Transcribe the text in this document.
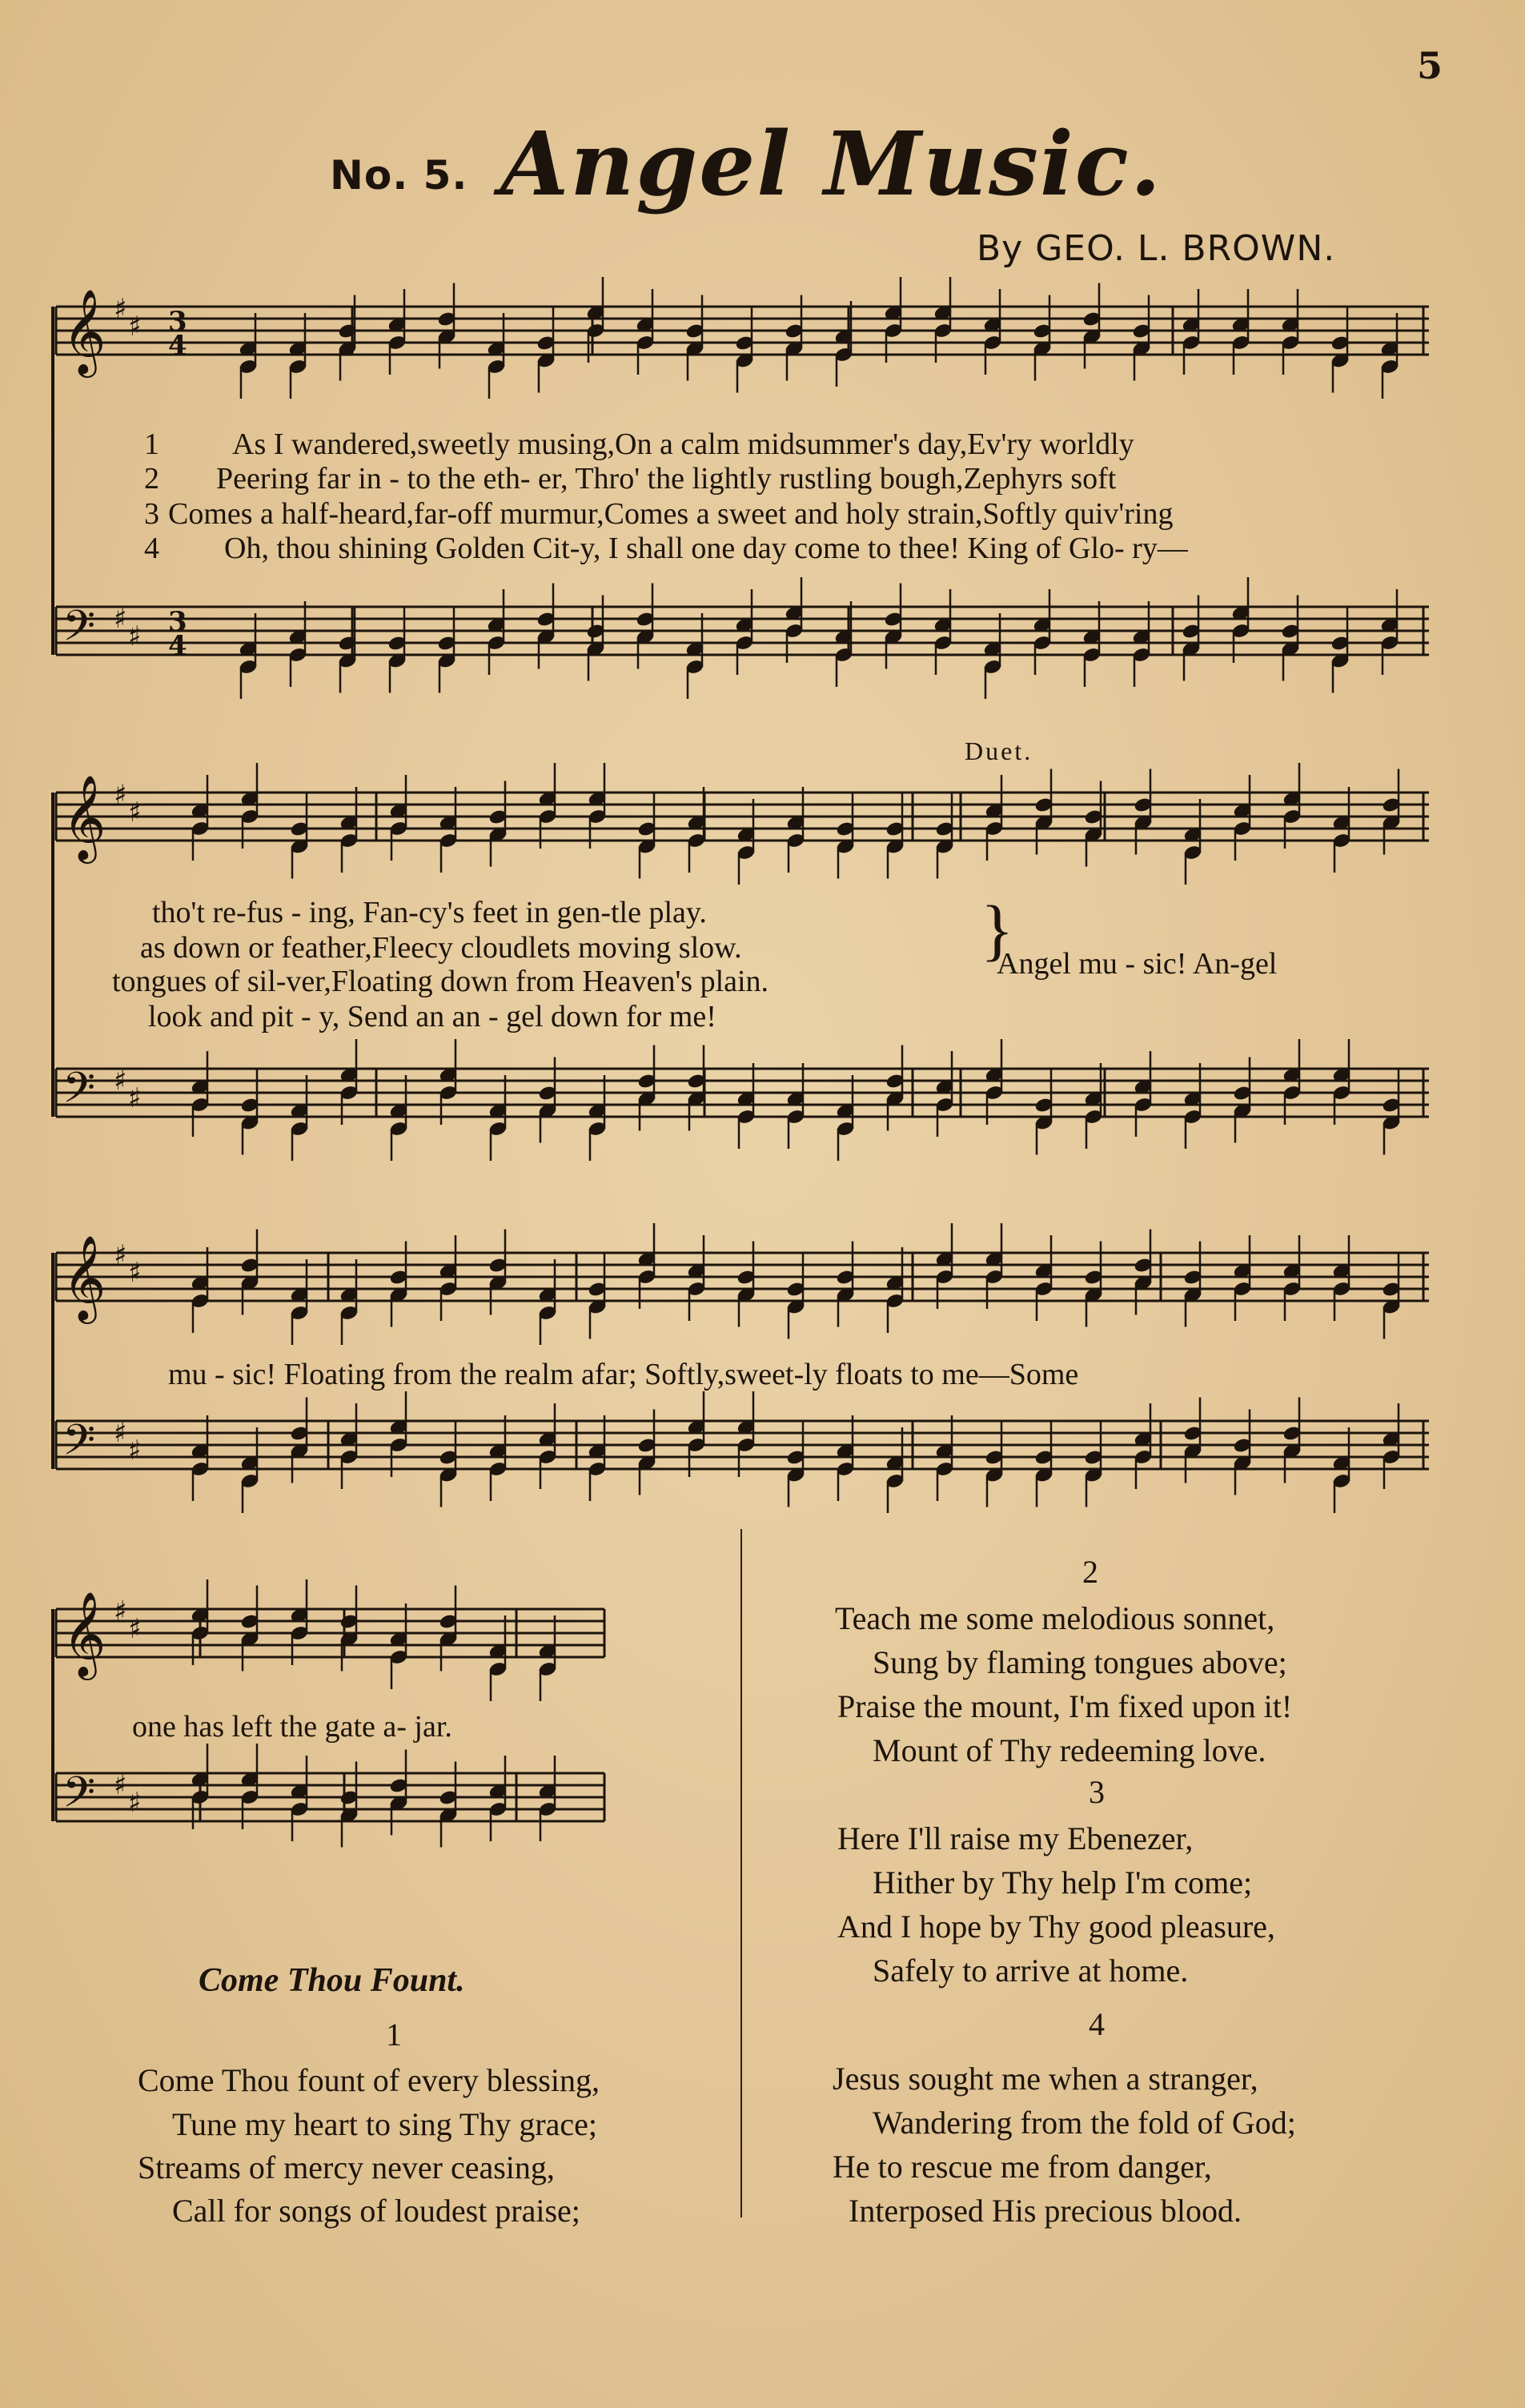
5
No. 5. Angel Music.
By GEO. L. BROWN.
𝄞 ♯
♯ 3
4
𝄢 ♯
♯ 3
4
𝄞 ♯
♯
𝄢 ♯
♯
𝄞 ♯
♯
𝄢 ♯
♯
𝄞 ♯
♯
𝄢 ♯
♯
1 As I wandered,sweetly musing,On a calm midsummer's day,Ev'ry worldly
2 Peering far in - to the eth- er, Thro' the lightly rustling bough,Zephyrs soft
3 Comes a half-heard,far-off murmur,Comes a sweet and holy strain,Softly quiv'ring
4 Oh, thou shining Golden Cit-y, I shall one day come to thee! King of Glo- ry—
tho't re-fus - ing, Fan-cy's feet in gen-tle play.
as down or feather,Fleecy cloudlets moving slow.
tongues of sil-ver,Floating down from Heaven's plain.
look and pit - y, Send an an - gel down for me!
}
Angel mu - sic! An-gel
Duet.
mu - sic! Floating from the realm afar; Softly,sweet-ly floats to me—Some
one has left the gate a- jar.
Come Thou Fount.
1
Come Thou fount of every blessing,
Tune my heart to sing Thy grace;
Streams of mercy never ceasing,
Call for songs of loudest praise;
2
Teach me some melodious sonnet,
Sung by flaming tongues above;
Praise the mount, I'm fixed upon it!
Mount of Thy redeeming love.
3
Here I'll raise my Ebenezer,
Hither by Thy help I'm come;
And I hope by Thy good pleasure,
Safely to arrive at home.
4
Jesus sought me when a stranger,
Wandering from the fold of God;
He to rescue me from danger,
Interposed His precious blood.
